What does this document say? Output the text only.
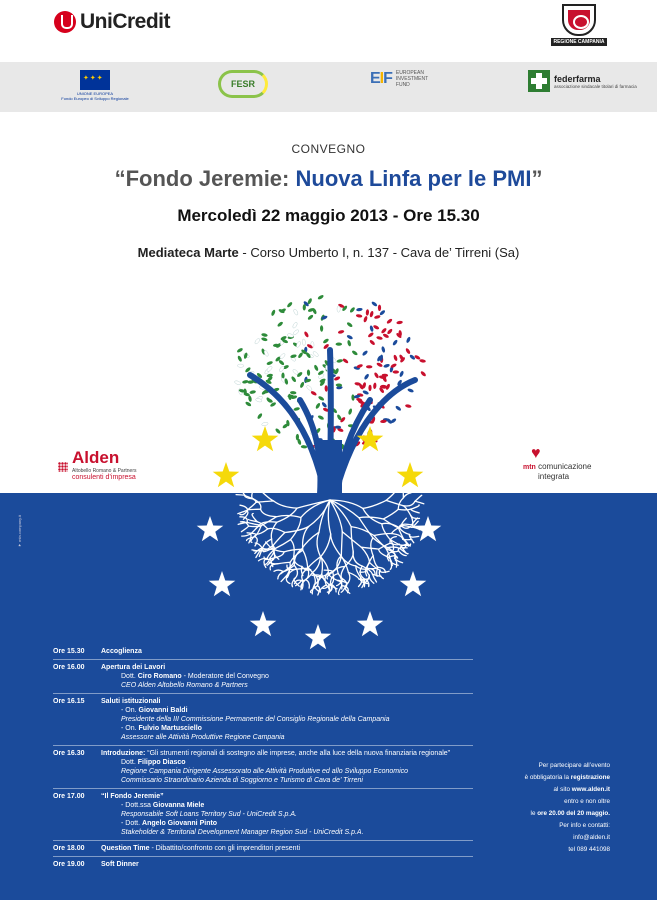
UniCredit
REGIONE CAMPANIA
✦✦✦
UNIONE EUROPEA
Fondo Europeo di Sviluppo Regionale
FESR	EIF EUROPEAN INVESTMENT FUND
federfarma
associazione sindacale titolari di farmacia
CONVEGNO
“Fondo Jeremie: Nuova Linfa per le PMI”
Mercoledì 22 maggio 2013 - Ore 15.30
Mediateca Marte - Corso Umberto I, n. 137 - Cava de’ Tirreni (Sa)
Alden
Altobello Romano & Partners
consulenti d’impresa
♥
mtn comunicazione
integrata
♥ mtn.company.it
Ore 15.30	Accoglienza
Ore 16.00	Apertura dei Lavori
Dott. Ciro Romano - Moderatore del Convegno
CEO Alden Altobello Romano & Partners
Ore 16.15	Saluti istituzionali
- On. Giovanni Baldi
Presidente della III Commissione Permanente del Consiglio Regionale della Campania
- On. Fulvio Martusciello
Assessore alle Attività Produttive Regione Campania
Ore 16.30	Introduzione: “Gli strumenti regionali di sostegno alle imprese, anche alla luce della nuova finanziaria regionale”
Dott. Filippo Diasco
Regione Campania Dirigente Assessorato alle Attività Produttive ed allo Sviluppo Economico
Commissario Straordinario Azienda di Soggiorno e Turismo di Cava de’ Tirreni
Ore 17.00	“Il Fondo Jeremie”
- Dott.ssa Giovanna Miele
Responsabile Soft Loans Territory Sud - UniCredit S.p.A.
- Dott. Angelo Giovanni Pinto
Stakeholder & Territorial Development Manager Region Sud - UniCredit S.p.A.
Ore 18.00	Question Time - Dibattito/confronto con gli imprenditori presenti
Ore 19.00	Soft Dinner
Per partecipare all’evento
è obbligatoria la registrazione
al sito www.alden.it
entro e non oltre
le ore 20.00 del 20 maggio.
Per info e contatti:
info@alden.it
tel 089 441098
